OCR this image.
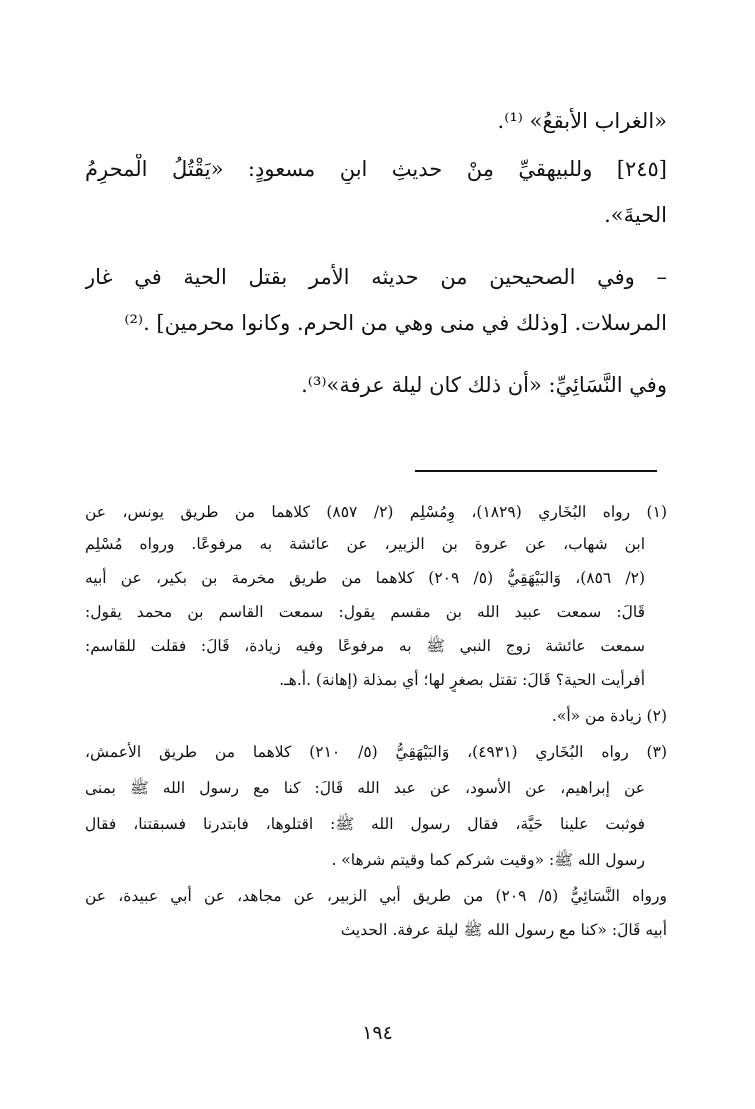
«الغراب الأبقعُ» ⁽¹⁾.
[٢٤٥] وللبيهقيِّ مِنْ حديثِ ابنِ مسعودٍ: «يَقْتُلُ الْمحرِمُ
الحيةَ».
– وفي الصحيحين من حديثه الأمر بقتل الحية في غار
المرسلات. [وذلك في منى وهي من الحرم. وكانوا محرمين] .⁽²⁾
وفي النَّسَائِيِّ: «أن ذلك كان ليلة عرفة»⁽³⁾.
(١) رواه البُخَاري (١٨٢٩)، وِمُسْلِم (٢/ ٨٥٧) كلاهما من طريق يونس، عن
ابن شهاب، عن عروة بن الزبير، عن عائشة به مرفوعًا. ورواه مُسْلِم
(٢/ ٨٥٦)، وَالبَيْهَقِيُّ (٥/ ٢٠٩) كلاهما من طريق مخرمة بن بكير، عن أبيه
قَالَ: سمعت عبيد الله بن مقسم يقول: سمعت القاسم بن محمد يقول:
سمعت عائشة زوج النبي ﷺ به مرفوعًا وفيه زيادة، قَالَ: فقلت للقاسم:
أفرأيت الحية؟ قَالَ: تقتل بصغرٍ لها؛ أي بمذلة (إهانة) .أ.هـ.
(٢) زيادة من «أ».
(٣) رواه البُخَاري (٤٩٣١)، وَالبَيْهَقِيُّ (٥/ ٢١٠) كلاهما من طريق الأعمش،
عن إبراهيم، عن الأسود، عن عبد الله قَالَ: كنا مع رسول الله ﷺ بمنى
فوثبت علينا حَيَّة، فقال رسول الله ﷺ: اقتلوها، فابتدرنا فسبقتنا، فقال
رسول الله ﷺ: «وقيت شركم كما وقيتم شرها» .
ورواه النَّسَائِيُّ (٥/ ٢٠٩) من طريق أبي الزبير، عن مجاهد، عن أبي عبيدة، عن
أبيه قَالَ: «كنا مع رسول الله ﷺ ليلة عرفة. الحديث
١٩٤
